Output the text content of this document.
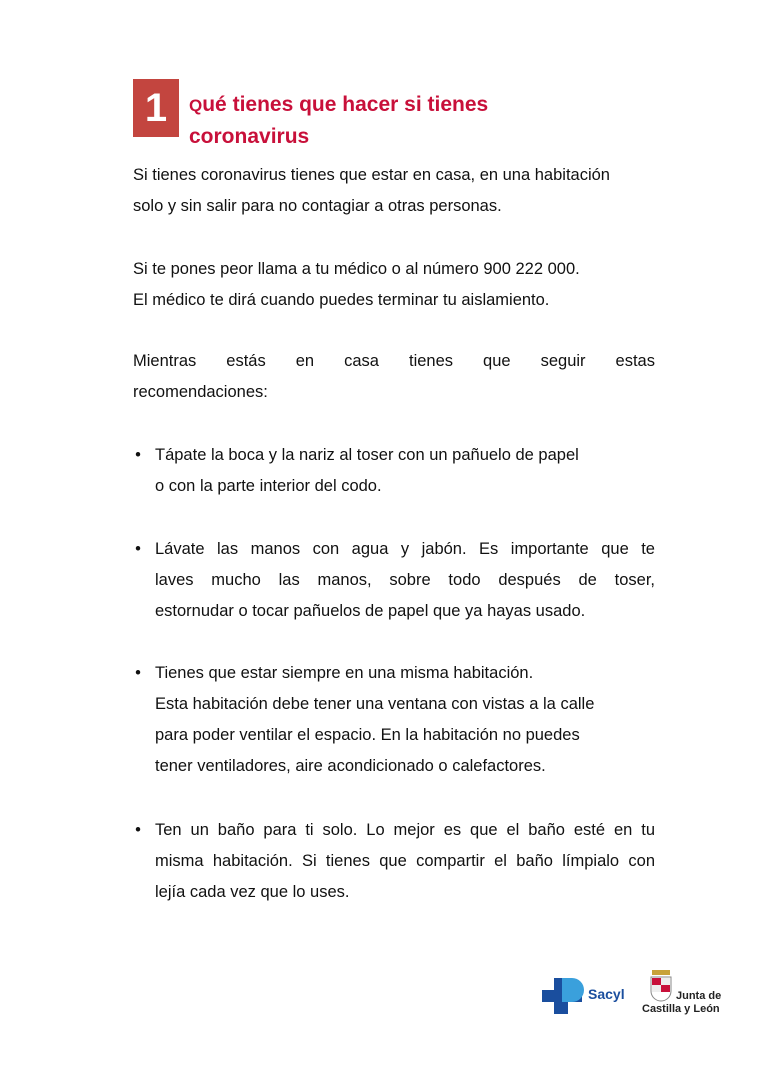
1 Qué tienes que hacer si tienes
coronavirus
Si tienes coronavirus tienes que estar en casa, en una habitación
solo y sin salir para no contagiar a otras personas.
Si te pones peor llama a tu médico o al número 900 222 000.
El médico te dirá cuando puedes terminar tu aislamiento.
Mientras estás en casa tienes que seguir estas
recomendaciones:
• Tápate la boca y la nariz al toser con un pañuelo de papel
o con la parte interior del codo.
• Lávate las manos con agua y jabón. Es importante que te
laves mucho las manos, sobre todo después de toser,
estornudar o tocar pañuelos de papel que ya hayas usado.
• Tienes que estar siempre en una misma habitación.
Esta habitación debe tener una ventana con vistas a la calle
para poder ventilar el espacio. En la habitación no puedes
tener ventiladores, aire acondicionado o calefactores.
• Ten un baño para ti solo. Lo mejor es que el baño esté en tu
misma habitación. Si tienes que compartir el baño límpialo con
lejía cada vez que lo uses.
Sacyl	Junta de
Castilla y León
